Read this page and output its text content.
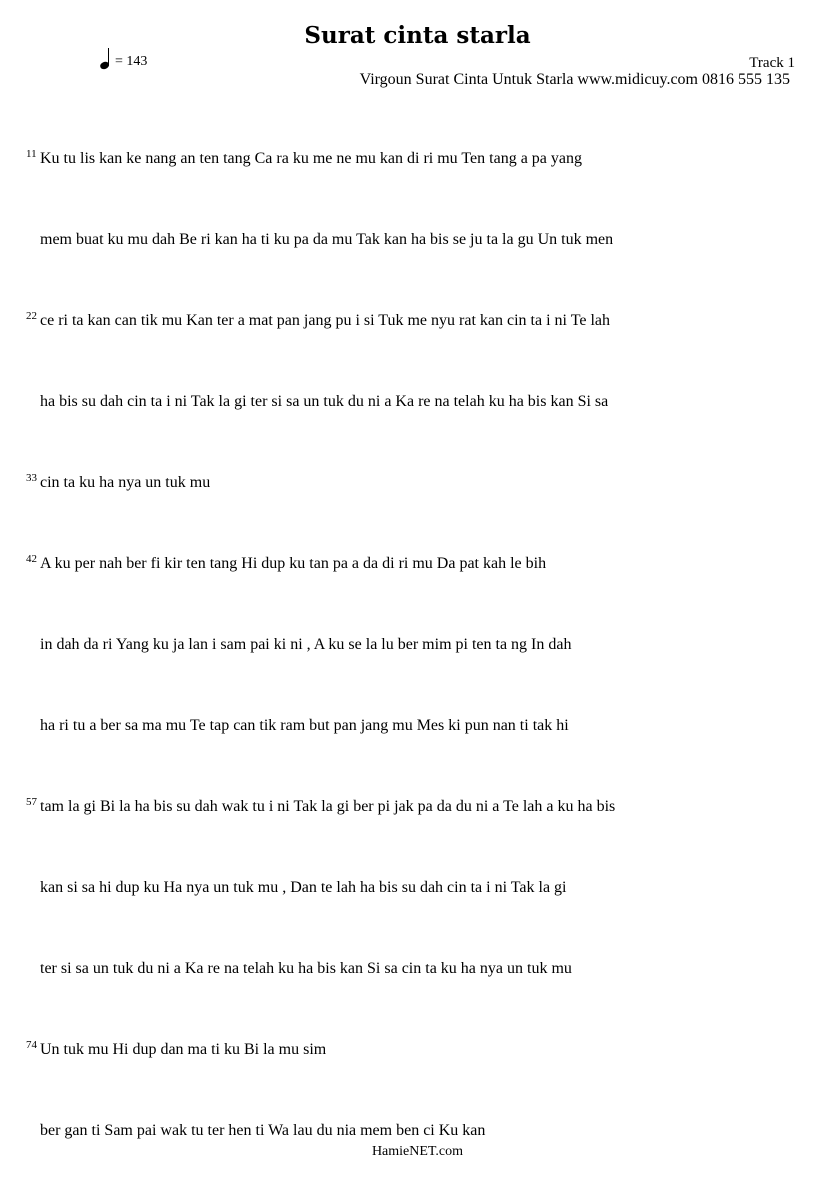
Surat cinta starla
= 143	Track 1
Virgoun Surat Cinta Untuk Starla www.midicuy.com 0816 555 135
11 Ku tu lis kan ke nang an ten tang Ca ra ku me ne mu kan di ri mu Ten tang a pa yang
mem buat ku mu dah Be ri kan ha ti ku pa da mu Tak kan ha bis se ju ta la gu Un tuk men
22 ce ri ta kan can tik mu Kan ter a mat pan jang pu i si Tuk me nyu rat kan cin ta i ni Te lah
ha bis su dah cin ta i ni Tak la gi ter si sa un tuk du ni a Ka re na telah ku ha bis kan Si sa
33 cin ta ku ha nya un tuk mu
42 A ku per nah ber fi kir ten tang Hi dup ku tan pa a da di ri mu Da pat kah le bih
in dah da ri Yang ku ja lan i sam pai ki ni , A ku se la lu ber mim pi ten ta ng In dah
ha ri tu a ber sa ma mu Te tap can tik ram but pan jang mu Mes ki pun nan ti tak hi
57 tam la gi Bi la ha bis su dah wak tu i ni Tak la gi ber pi jak pa da du ni a Te lah a ku ha bis
kan si sa hi dup ku Ha nya un tuk mu , Dan te lah ha bis su dah cin ta i ni Tak la gi
ter si sa un tuk du ni a Ka re na telah ku ha bis kan Si sa cin ta ku ha nya un tuk mu
74 Un tuk mu Hi dup dan ma ti ku Bi la mu sim
ber gan ti Sam pai wak tu ter hen ti Wa lau du nia mem ben ci Ku kan
HamieNET.com
